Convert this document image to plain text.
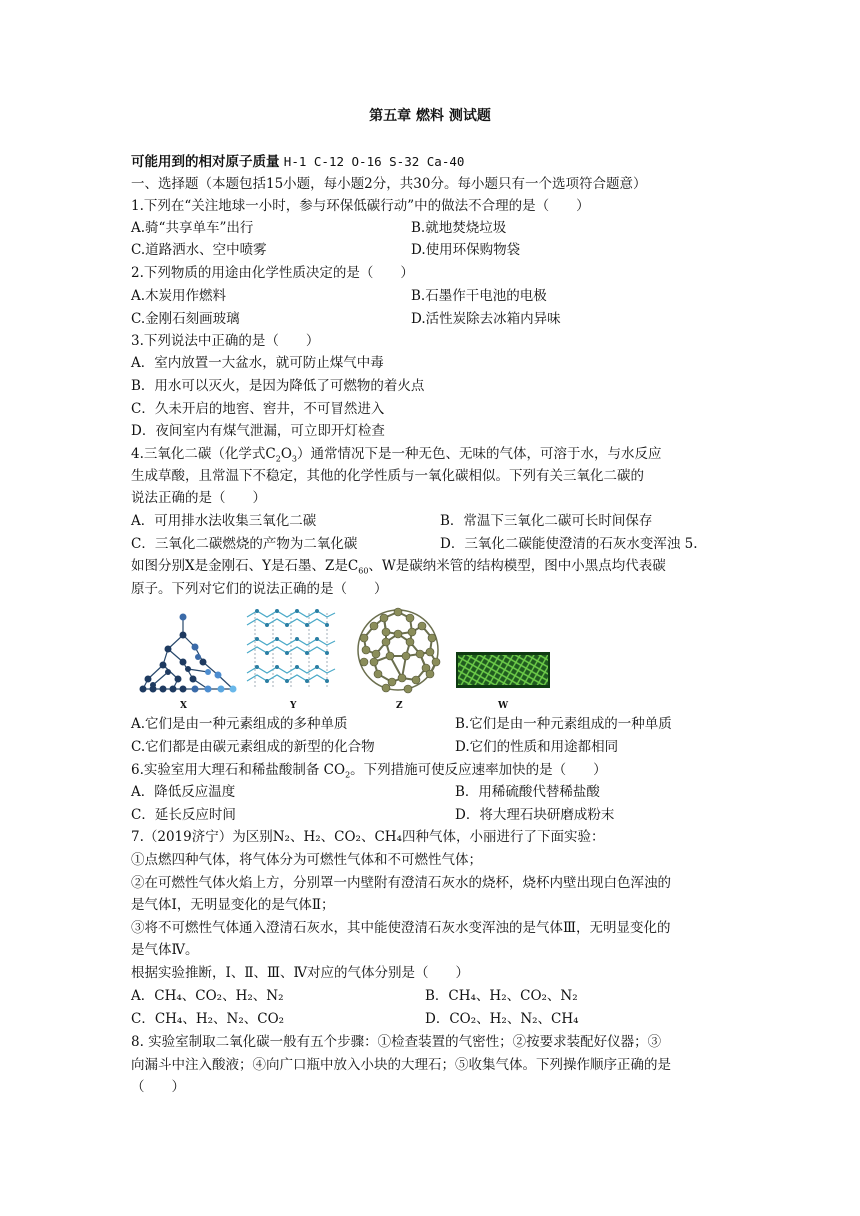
第五章 燃料 测试题
可能用到的相对原子质量 H-1 C-12 O-16 S-32 Ca-40
一、选择题（本题包括15小题，每小题2分，共30分。每小题只有一个选项符合题意）
1.下列在“关注地球一小时，参与环保低碳行动”中的做法不合理的是（　　）
A.骑“共享单车”出行	B.就地焚烧垃圾
C.道路洒水、空中喷雾	D.使用环保购物袋
2.下列物质的用途由化学性质决定的是（　　）
A.木炭用作燃料	B.石墨作干电池的电极
C.金刚石刻画玻璃	D.活性炭除去冰箱内异味
3.下列说法中正确的是（　　）
A．室内放置一大盆水，就可防止煤气中毒
B．用水可以灭火，是因为降低了可燃物的着火点
C．久未开启的地窖、窖井，不可冒然进入
D．夜间室内有煤气泄漏，可立即开灯检查
4.三氧化二碳（化学式$C_2O_3$）通常情况下是一种无色、无味的气体，可溶于水，与水反应
生成草酸，且常温下不稳定，其他的化学性质与一氧化碳相似。下列有关三氧化二碳的
说法正确的是（　　）
A．可用排水法收集三氧化二碳	B．常温下三氧化二碳可长时间保存
C．三氧化二碳燃烧的产物为二氧化碳	D．三氧化二碳能使澄清的石灰水变浑浊 5.
如图分别X是金刚石、Y是石墨、Z是$C_{60}$、W是碳纳米管的结构模型，图中小黑点均代表碳
原子。下列对它们的说法正确的是（　　）
X	Y	Z	W
A.它们是由一种元素组成的多种单质	B.它们是由一种元素组成的一种单质
C.它们都是由碳元素组成的新型的化合物	D.它们的性质和用途都相同
6.实验室用大理石和稀盐酸制备 $CO_2$。下列措施可使反应速率加快的是（　　）
A．降低反应温度	B．用稀硫酸代替稀盐酸
C．延长反应时间	D．将大理石块研磨成粉末
7.（2019济宁）为区别N₂、H₂、CO₂、CH₄四种气体，小丽进行了下面实验：
①点燃四种气体，将气体分为可燃性气体和不可燃性气体；
②在可燃性气体火焰上方，分别罩一内壁附有澄清石灰水的烧杯，烧杯内壁出现白色浑浊的
是气体Ⅰ，无明显变化的是气体Ⅱ；
③将不可燃性气体通入澄清石灰水，其中能使澄清石灰水变浑浊的是气体Ⅲ，无明显变化的
是气体Ⅳ。
根据实验推断，Ⅰ、Ⅱ、Ⅲ、Ⅳ对应的气体分别是（　　）
A．CH₄、CO₂、H₂、N₂	B．CH₄、H₂、CO₂、N₂
C．CH₄、H₂、N₂、CO₂	D．CO₂、H₂、N₂、CH₄
8. 实验室制取二氧化碳一般有五个步骤：①检查装置的气密性；②按要求装配好仪器；③
向漏斗中注入酸液；④向广口瓶中放入小块的大理石；⑤收集气体。下列操作顺序正确的是
（　　）
